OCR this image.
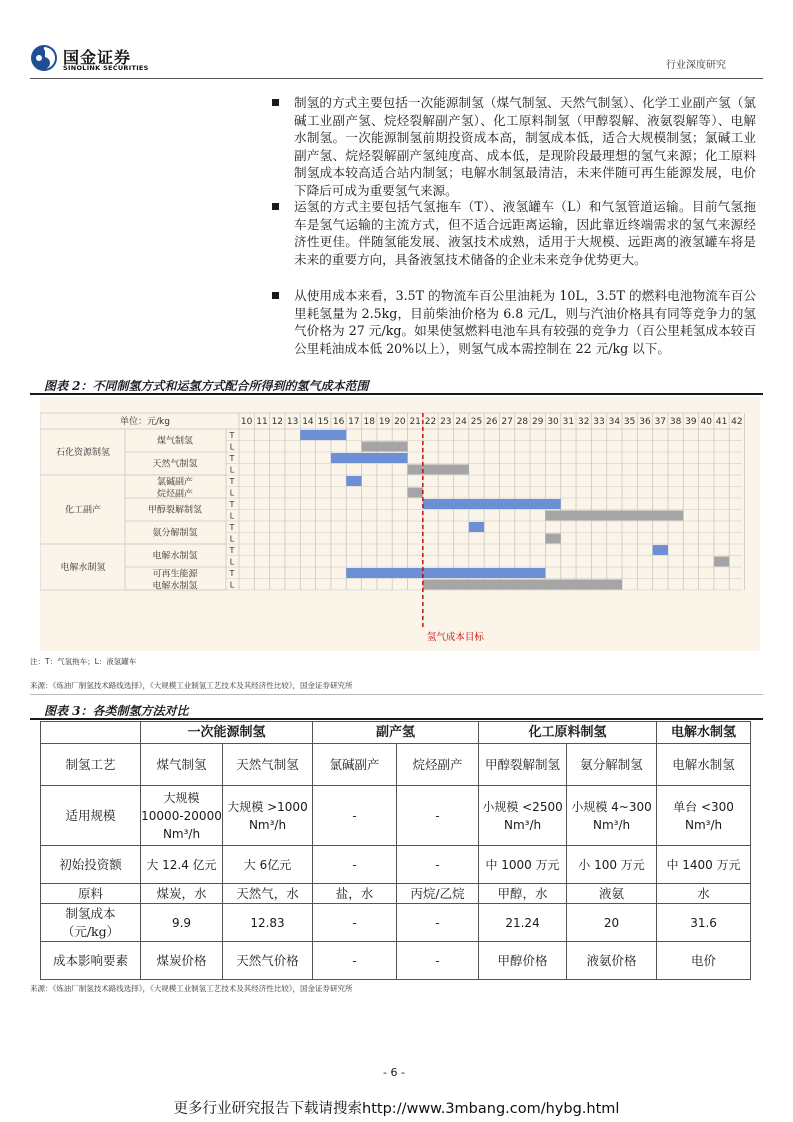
国金证券
SINOLINK SECURITIES	行业深度研究
制氢的方式主要包括一次能源制氢（煤气制氢、天然气制氢）、化学工业副产氢（氯碱工业副产氢、烷烃裂解副产氢）、化工原料制氢（甲醇裂解、液氨裂解等）、电解水制氢。一次能源制氢前期投资成本高，制氢成本低，适合大规模制氢；氯碱工业副产氢、烷烃裂解副产氢纯度高、成本低，是现阶段最理想的氢气来源；化工原料制氢成本较高适合站内制氢；电解水制氢最清洁，未来伴随可再生能源发展，电价下降后可成为重要氢气来源。
运氢的方式主要包括气氢拖车（T）、液氢罐车（L）和气氢管道运输。目前气氢拖车是氢气运输的主流方式，但不适合远距离运输，因此靠近终端需求的氢气来源经济性更佳。伴随氢能发展、液氢技术成熟，适用于大规模、远距离的液氢罐车将是未来的重要方向，具备液氢技术储备的企业未来竞争优势更大。
从使用成本来看，3.5T 的物流车百公里油耗为 10L，3.5T 的燃料电池物流车百公里耗氢量为 2.5kg，目前柴油价格为 6.8 元/L，则与汽油价格具有同等竞争力的氢气价格为 27 元/kg。如果使氢燃料电池车具有较强的竞争力（百公里耗氢成本较百公里耗油成本低 20%以上），则氢气成本需控制在 22 元/kg 以下。
图表 2：不同制氢方式和运氢方式配合所得到的氢气成本范围
单位：元/kg	10 11 12 13 14 15 16 17 18 19 20 21 22 23 24 25 26 27 28 29 30 31 32 33 34 35 36 37 38 39 40 41 42
T
L
煤气制氢
T
L
天然气制氢
石化资源制氢
T
L
氯碱副产
烷烃副产
T
L
甲醇裂解制氢
T
L
氨分解制氢
化工副产
T
L
电解水制氢
T
L
可再生能源
电解水制氢
电解水制氢
氢气成本目标
注：T：气氢拖车；L：液氢罐车
来源：《炼油厂制氢技术路线选择》，《大规模工业制氢工艺技术及其经济性比较》，国金证券研究所
图表 3：各类制氢方法对比
	一次能源制氢		副产氢		化工原料制氢		电解水制氢
制氢工艺	煤气制氢	天然气制氢	氯碱副产	烷烃副产	甲醇裂解制氢	氨分解制氢	电解水制氢
适用规模	大规模 10000-20000 Nm³/h	大规模 >1000 Nm³/h	-	-	小规模 <2500 Nm³/h	小规模 4~300 Nm³/h	单台 <300 Nm³/h
初始投资额	大 12.4 亿元	大 6亿元	-	-	中 1000 万元	小 100 万元	中 1400 万元
原料	煤炭，水	天然气，水	盐，水	丙烷/乙烷	甲醇，水	液氨	水
制氢成本（元/kg）	9.9	12.83	-	-	21.24	20	31.6
成本影响要素	煤炭价格	天然气价格	-	-	甲醇价格	液氨价格	电价
来源：《炼油厂制氢技术路线选择》，《大规模工业制氢工艺技术及其经济性比较》，国金证券研究所
- 6 -
更多行业研究报告下载请搜索http://www.3mbang.com/hybg.html
